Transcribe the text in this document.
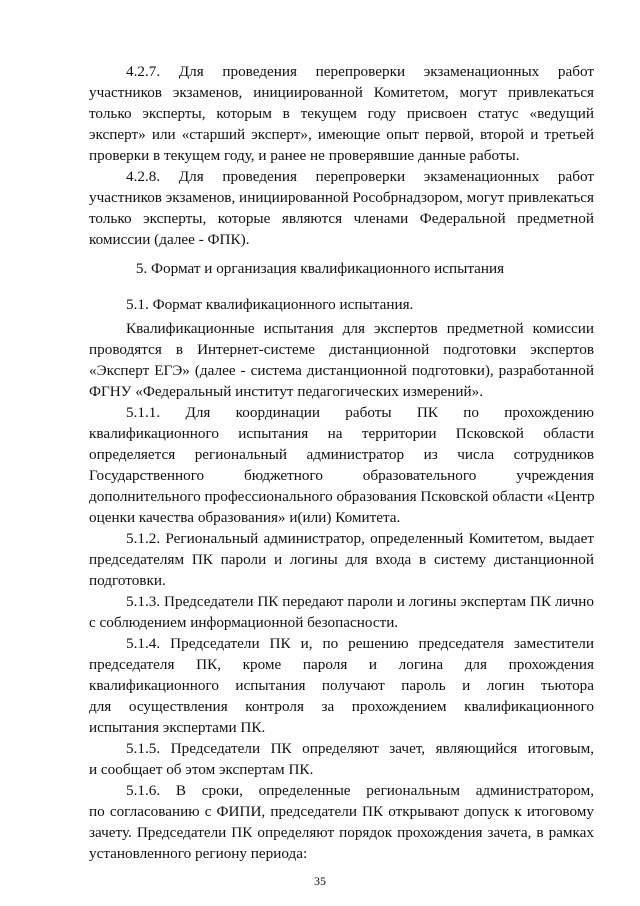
4.2.7. Для проведения перепроверки экзаменационных работ
участников экзаменов, инициированной Комитетом, могут привлекаться
только эксперты, которым в текущем году присвоен статус «ведущий
эксперт» или «старший эксперт», имеющие опыт первой, второй и третьей
проверки в текущем году, и ранее не проверявшие данные работы.
4.2.8. Для проведения перепроверки экзаменационных работ
участников экзаменов, инициированной Рособрнадзором, могут привлекаться
только эксперты, которые являются членами Федеральной предметной
комиссии (далее - ФПК).
5. Формат и организация квалификационного испытания
5.1. Формат квалификационного испытания.
Квалификационные испытания для экспертов предметной комиссии
проводятся в Интернет-системе дистанционной подготовки экспертов
«Эксперт ЕГЭ» (далее - система дистанционной подготовки), разработанной
ФГНУ «Федеральный институт педагогических измерений».
5.1.1. Для координации работы ПК по прохождению
квалификационного испытания на территории Псковской области
определяется региональный администратор из числа сотрудников
Государственного бюджетного образовательного учреждения
дополнительного профессионального образования Псковской области «Центр
оценки качества образования» и(или) Комитета.
5.1.2. Региональный администратор, определенный Комитетом, выдает
председателям ПК пароли и логины для входа в систему дистанционной
подготовки.
5.1.3. Председатели ПК передают пароли и логины экспертам ПК лично
с соблюдением информационной безопасности.
5.1.4. Председатели ПК и, по решению председателя заместители
председателя ПК, кроме пароля и логина для прохождения
квалификационного испытания получают пароль и логин тьютора
для осуществления контроля за прохождением квалификационного
испытания экспертами ПК.
5.1.5. Председатели ПК определяют зачет, являющийся итоговым,
и сообщает об этом экспертам ПК.
5.1.6. В сроки, определенные региональным администратором,
по согласованию с ФИПИ, председатели ПК открывают допуск к итоговому
зачету. Председатели ПК определяют порядок прохождения зачета, в рамках
установленного региону периода:
35
